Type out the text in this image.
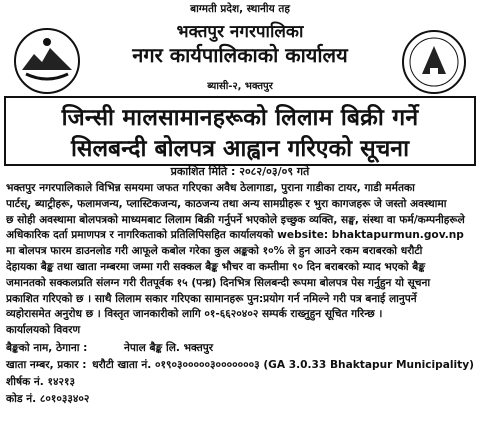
बाग्मती प्रदेश, स्थानीय तह
भक्तपुर नगरपालिका
नगर कार्यपालिकाको कार्यालय
ब्यासी-२, भक्तपुर
जिन्सी मालसामानहरूको लिलाम बिक्री गर्ने
सिलबन्दी बोलपत्र आह्वान गरिएको सूचना
प्रकाशित मिति : २०८२/०३/०९ गते
भक्तपुर नगरपालिकाले विभिन्न समयमा जफत गरिएका अवैध ठेलागाडा, पुराना गाडीका टायर, गाडी मर्मतका
पार्टस्, ब्याट्रीहरू, फलामजन्य, प्लास्टिकजन्य, काठजन्य तथा अन्य सामग्रीहरू र भुरा कागजहरू जे जस्तो अवस्थामा
छ सोही अवस्थामा बोलपत्रको माध्यमबाट लिलाम बिक्री गर्नुपर्ने भएकोले इच्छुक व्यक्ति, सङ्घ, संस्था वा फर्म/कम्पनीहरूले
अधिकारिक दर्ता प्रमाणपत्र र नागरिकताको प्रतिलिपिसहित कार्यालयको website: bhaktapurmun.gov.np
मा बोलपत्र फारम डाउनलोड गरी आफूले कबोल गरेका कुल अङ्कको १०% ले हुन आउने रकम बराबरको धरौटी
देहायका बैङ्क तथा खाता नम्बरमा जम्मा गरी सक्कल बैङ्क भौचर वा कम्तीमा ९० दिन बराबरको म्याद भएको बैङ्क
जमानतको सक्कलप्रति संलग्न गरी रीतपूर्वक १५ (पन्ध्र) दिनभित्र सिलबन्दी रूपमा बोलपत्र पेस गर्नुहुन यो सूचना
प्रकाशित गरिएको छ । साथै लिलाम सकार गरिएका सामानहरू पुन:प्रयोग गर्न नमिल्ने गरी पत्र बनाई लानुपर्ने
व्यहोरासमेत अनुरोध छ । विस्तृत जानकारीको लागि ०१-६६२०४०२ सम्पर्क राख्नुहुन सूचित गरिन्छ ।
कार्यालयको विवरण
बैङ्कको नाम, ठेगाना :	नेपाल बैङ्क लि. भक्तपुर
खाता नम्बर, प्रकार : धरौटी खाता नं. ०१९०३०००००३०००००००३ (GA 3.0.33 Bhaktapur Municipality)
शीर्षक नं. १४२१३
कोड नं. ८०१०३३४०२
